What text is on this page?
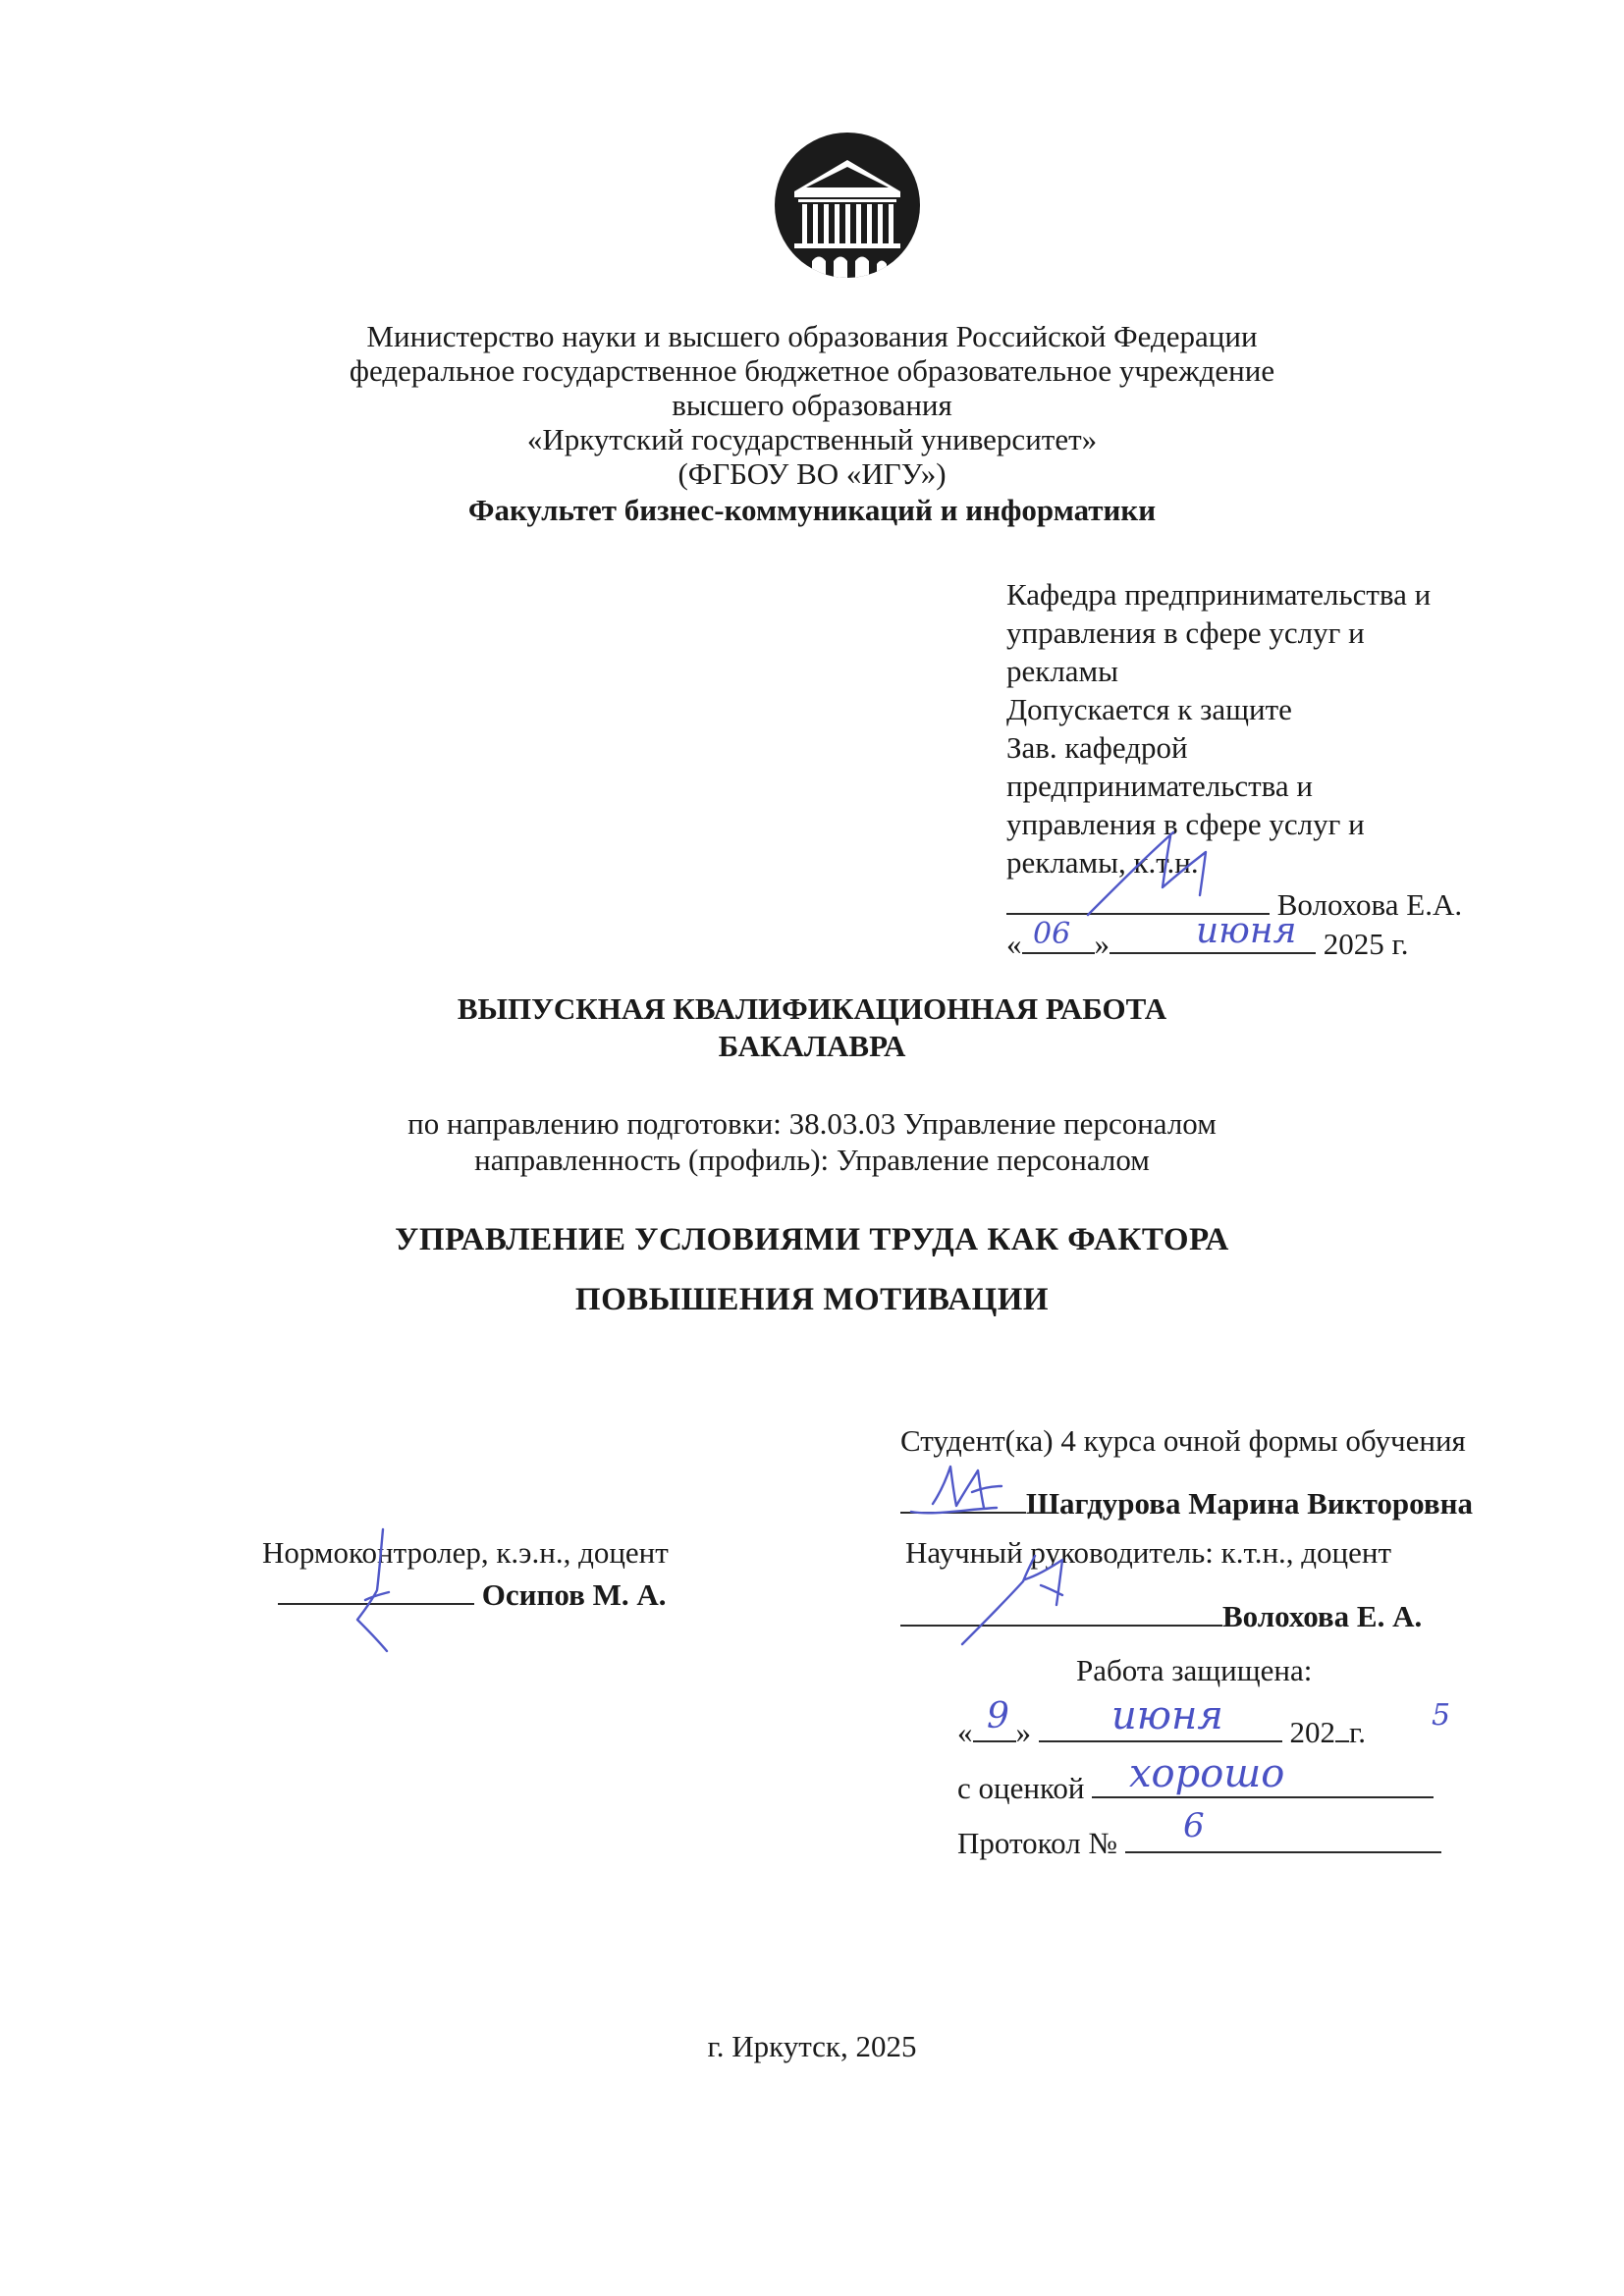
Министерство науки и высшего образования Российской Федерации
федеральное государственное бюджетное образовательное учреждение
высшего образования
«Иркутский государственный университет»
(ФГБОУ ВО «ИГУ»)
Факультет бизнес-коммуникаций и информатики
Кафедра предпринимательства и
управления в сфере услуг и
рекламы
Допускается к защите
Зав. кафедрой
предпринимательства и
управления в сфере услуг и
рекламы, к.т.н.
Волохова Е.А.
« »	2025 г.
06	июня
ВЫПУСКНАЯ КВАЛИФИКАЦИОННАЯ РАБОТА
БАКАЛАВРА
по направлению подготовки: 38.03.03 Управление персоналом
направленность (профиль): Управление персоналом
УПРАВЛЕНИЕ УСЛОВИЯМИ ТРУДА КАК ФАКТОРА
ПОВЫШЕНИЯ МОТИВАЦИИ
Студент(ка) 4 курса очной формы обучения
Шагдурова Марина Викторовна
Нормоконтролер, к.э.н., доцент
Осипов М. А.
Научный руководитель: к.т.н., доцент
Волохова Е. А.
Работа защищена:
« »	202 г.
9	июня	5
с оценкой	хорошо
Протокол №	6
г. Иркутск, 2025
